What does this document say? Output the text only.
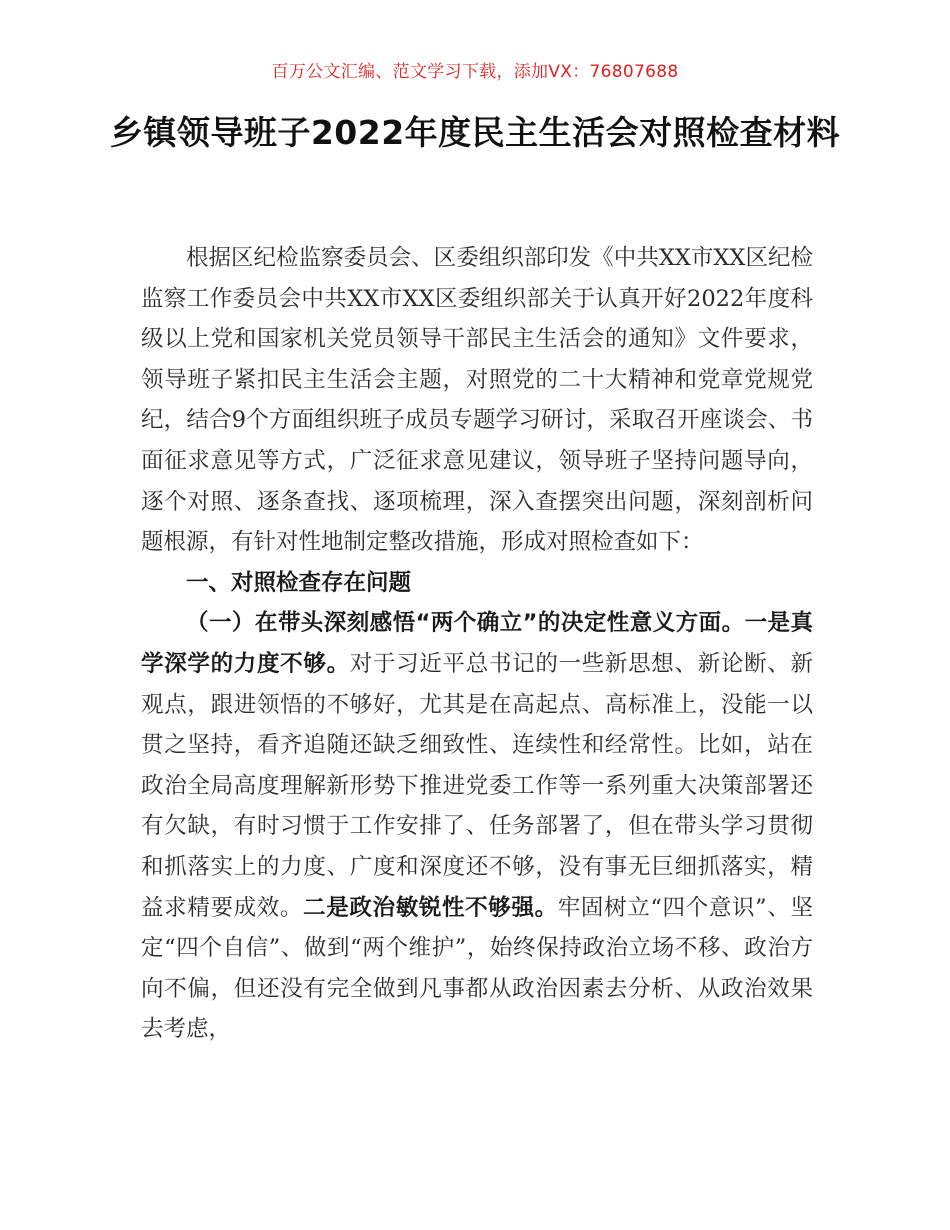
百万公文汇编、范文学习下载，添加VX：76807688
乡镇领导班子2022年度民主生活会对照检查材料

根据区纪检监察委员会、区委组织部印发《中共XX市XX区纪检监察工作委员会中共XX市XX区委组织部关于认真开好2022年度科级以上党和国家机关党员领导干部民主生活会的通知》文件要求，领导班子紧扣民主生活会主题，对照党的二十大精神和党章党规党纪，结合9个方面组织班子成员专题学习研讨，采取召开座谈会、书面征求意见等方式，广泛征求意见建议，领导班子坚持问题导向，逐个对照、逐条查找、逐项梳理，深入查摆突出问题，深刻剖析问题根源，有针对性地制定整改措施，形成对照检查如下：

一、对照检查存在问题

（一）在带头深刻感悟“两个确立”的决定性意义方面。一是真学深学的力度不够。对于习近平总书记的一些新思想、新论断、新观点，跟进领悟的不够好，尤其是在高起点、高标准上，没能一以贯之坚持，看齐追随还缺乏细致性、连续性和经常性。比如，站在政治全局高度理解新形势下推进党委工作等一系列重大决策部署还有欠缺，有时习惯于工作安排了、任务部署了，但在带头学习贯彻和抓落实上的力度、广度和深度还不够，没有事无巨细抓落实，精益求精要成效。二是政治敏锐性不够强。牢固树立“四个意识”、坚定“四个自信”、做到“两个维护”，始终保持政治立场不移、政治方向不偏，但还没有完全做到凡事都从政治因素去分析、从政治效果去考虑，
